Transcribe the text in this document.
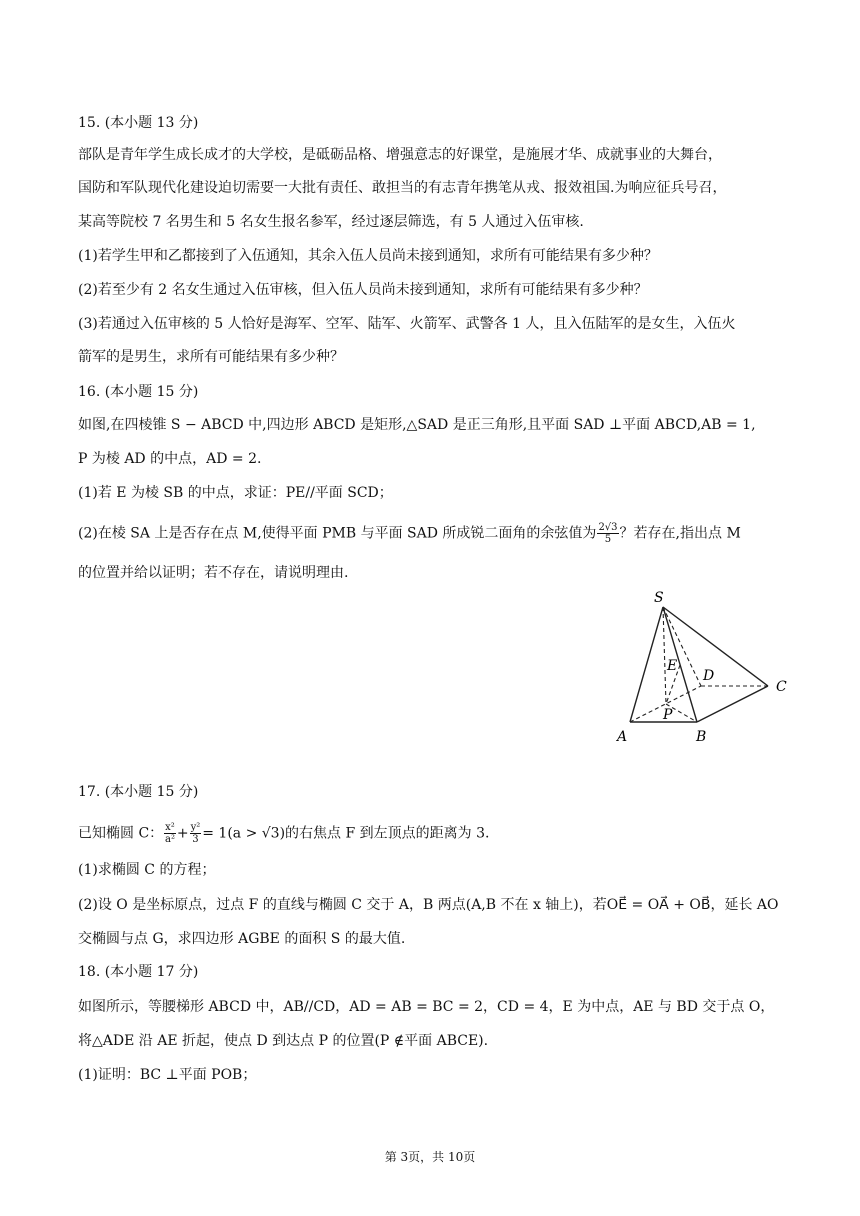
15. (本小题 13 分)
部队是青年学生成长成才的大学校，是砥砺品格、增强意志的好课堂，是施展才华、成就事业的大舞台，
国防和军队现代化建设迫切需要一大批有责任、敢担当的有志青年携笔从戎、报效祖国.为响应征兵号召，
某高等院校 7 名男生和 5 名女生报名参军，经过逐层筛选，有 5 人通过入伍审核.
(1)若学生甲和乙都接到了入伍通知，其余入伍人员尚未接到通知，求所有可能结果有多少种？
(2)若至少有 2 名女生通过入伍审核，但入伍人员尚未接到通知，求所有可能结果有多少种？
(3)若通过入伍审核的 5 人恰好是海军、空军、陆军、火箭军、武警各 1 人，且入伍陆军的是女生，入伍火
箭军的是男生，求所有可能结果有多少种？
16. (本小题 15 分)
如图,在四棱锥 S − ABCD 中,四边形 ABCD 是矩形,△SAD 是正三角形,且平面 SAD ⊥平面 ABCD,AB = 1,
P 为棱 AD 的中点，AD = 2.
(1)若 E 为棱 SB 的中点，求证：PE//平面 SCD；
(2)在棱 SA 上是否存在点 M,使得平面 PMB 与平面 SAD 所成锐二面角的余弦值为 $\frac{2√3}{5}$ ？若存在,指出点 M
的位置并给以证明；若不存在，请说明理由.
S
A	B
C
D
E
P
17. (本小题 15 分)
已知椭圆 C： $\frac{\text{x²}}{\text{a²}} + \frac{\text{y²}}{3} = 1(a > √3)$的右焦点 F 到左顶点的距离为 3.
(1)求椭圆 C 的方程；
(2)设 O 是坐标原点，过点 F 的直线与椭圆 C 交于 A，B 两点(A,B 不在 x 轴上)，若OE⃗ = OA⃗ + OB⃗，延长 AO
交椭圆与点 G，求四边形 AGBE 的面积 S 的最大值.
18. (本小题 17 分)
如图所示，等腰梯形 ABCD 中，AB//CD，AD = AB = BC = 2，CD = 4，E 为中点，AE 与 BD 交于点 O，
将△ADE 沿 AE 折起，使点 D 到达点 P 的位置(P ∉平面 ABCE).
(1)证明：BC ⊥平面 POB；
第 3页，共 10页
